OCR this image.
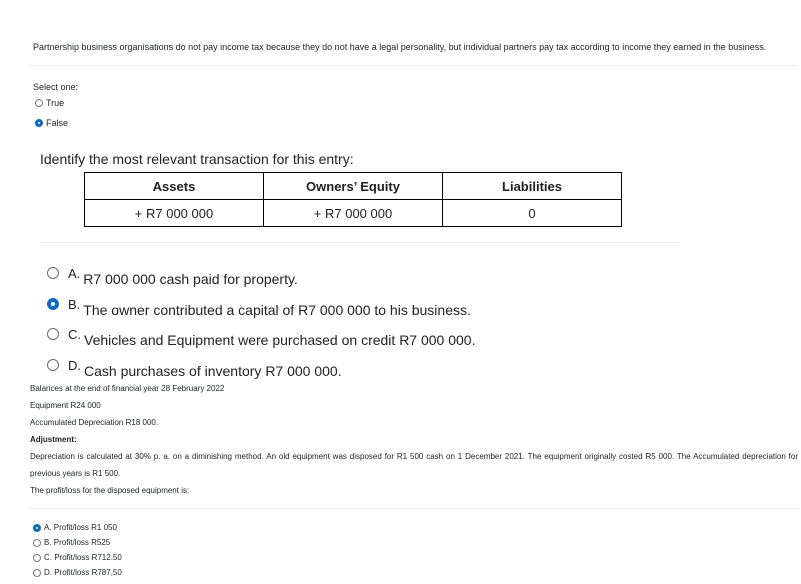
Partnership business organisations do not pay income tax because they do not have a legal personality, but individual partners pay tax according to income they earned in the business.
Select one:
True
False
Identify the most relevant transaction for this entry:
Assets	Owners’ Equity	Liabilities
+ R7 000 000	+ R7 000 000	0
A. R7 000 000 cash paid for property.
B. The owner contributed a capital of R7 000 000 to his business.
C. Vehicles and Equipment were purchased on credit R7 000 000.
D. Cash purchases of inventory R7 000 000.
Balances at the end of financial year 28 February 2022
Equipment R24 000
Accumulated Depreciation R18 000.
Adjustment:
Depreciation is calculated at 30% p. a. on a diminishing method. An old equipment was disposed for R1 500 cash on 1 December 2021. The equipment originally costed R5 000. The Accumulated depreciation for previous years is R1 500.
The profit/loss for the disposed equipment is:
A. Profit/loss R1 050
B. Profit/loss R525
C. Profit/loss R712.50
D. Profit/loss R787,50
